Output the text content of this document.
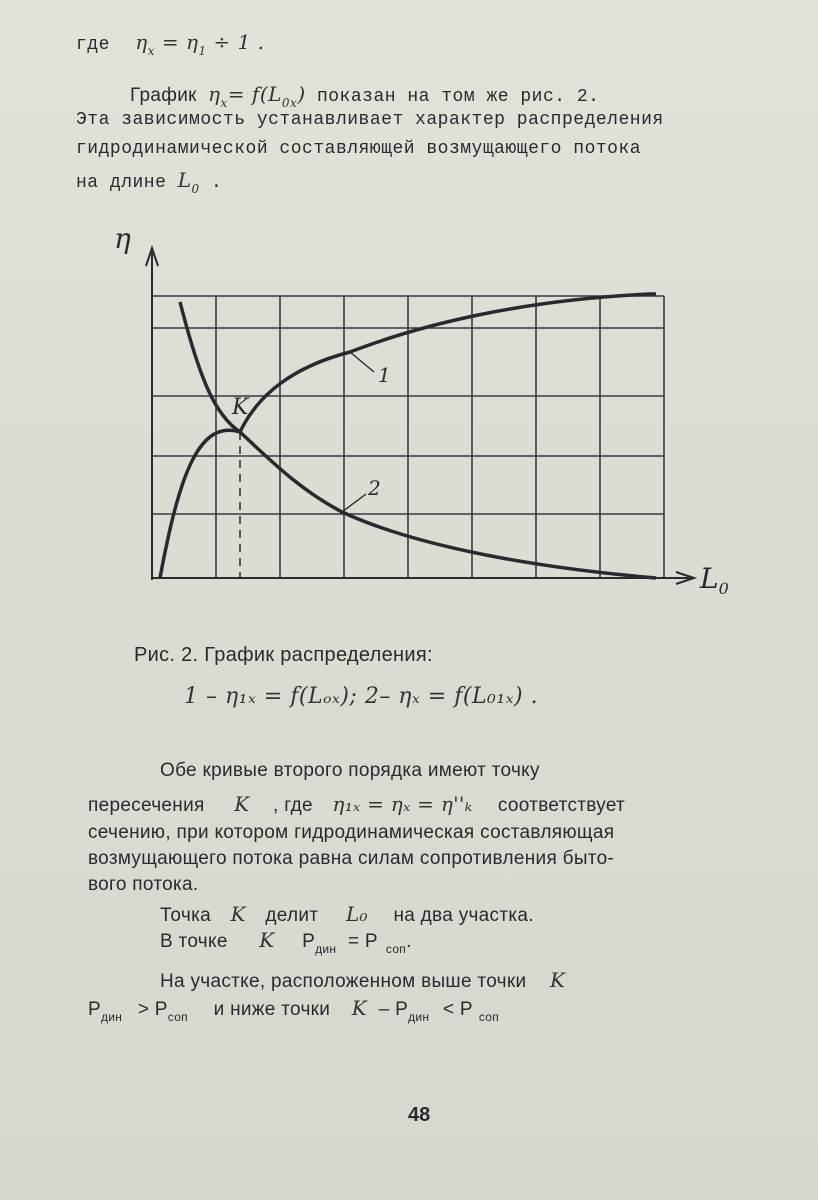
где $\eta_x = \eta_1 \div 1$ .
График $\eta_x= f(L_{0x})$ показан на том же рис. 2.
Эта зависимость устанавливает характер распределения
гидродинамической составляющей возмущающего потока
на длине $L_0$ .
η
$L_0$
K
1
2
Рис. 2. График распределения:
1 – η₁ₓ = f(Lₒₓ); 2– ηₓ = f(L₀₁ₓ) .
Обе кривые второго порядка имеют точку
пересечения K , где η₁ₓ = ηₓ = η''ₖ соответствует
сечению, при котором гидродинамическая составляющая
возмущающего потока равна силам сопротивления быто-
вого потока.
Точка K делит L₀ на два участка.
В точке K $P_{дин} = P$ $_{соп}$.
На участке, расположенном выше точки K
$P_{дин} > P_{соп}$ и ниже точки $K - P_{дин} < P$ $_{соп}$
48
